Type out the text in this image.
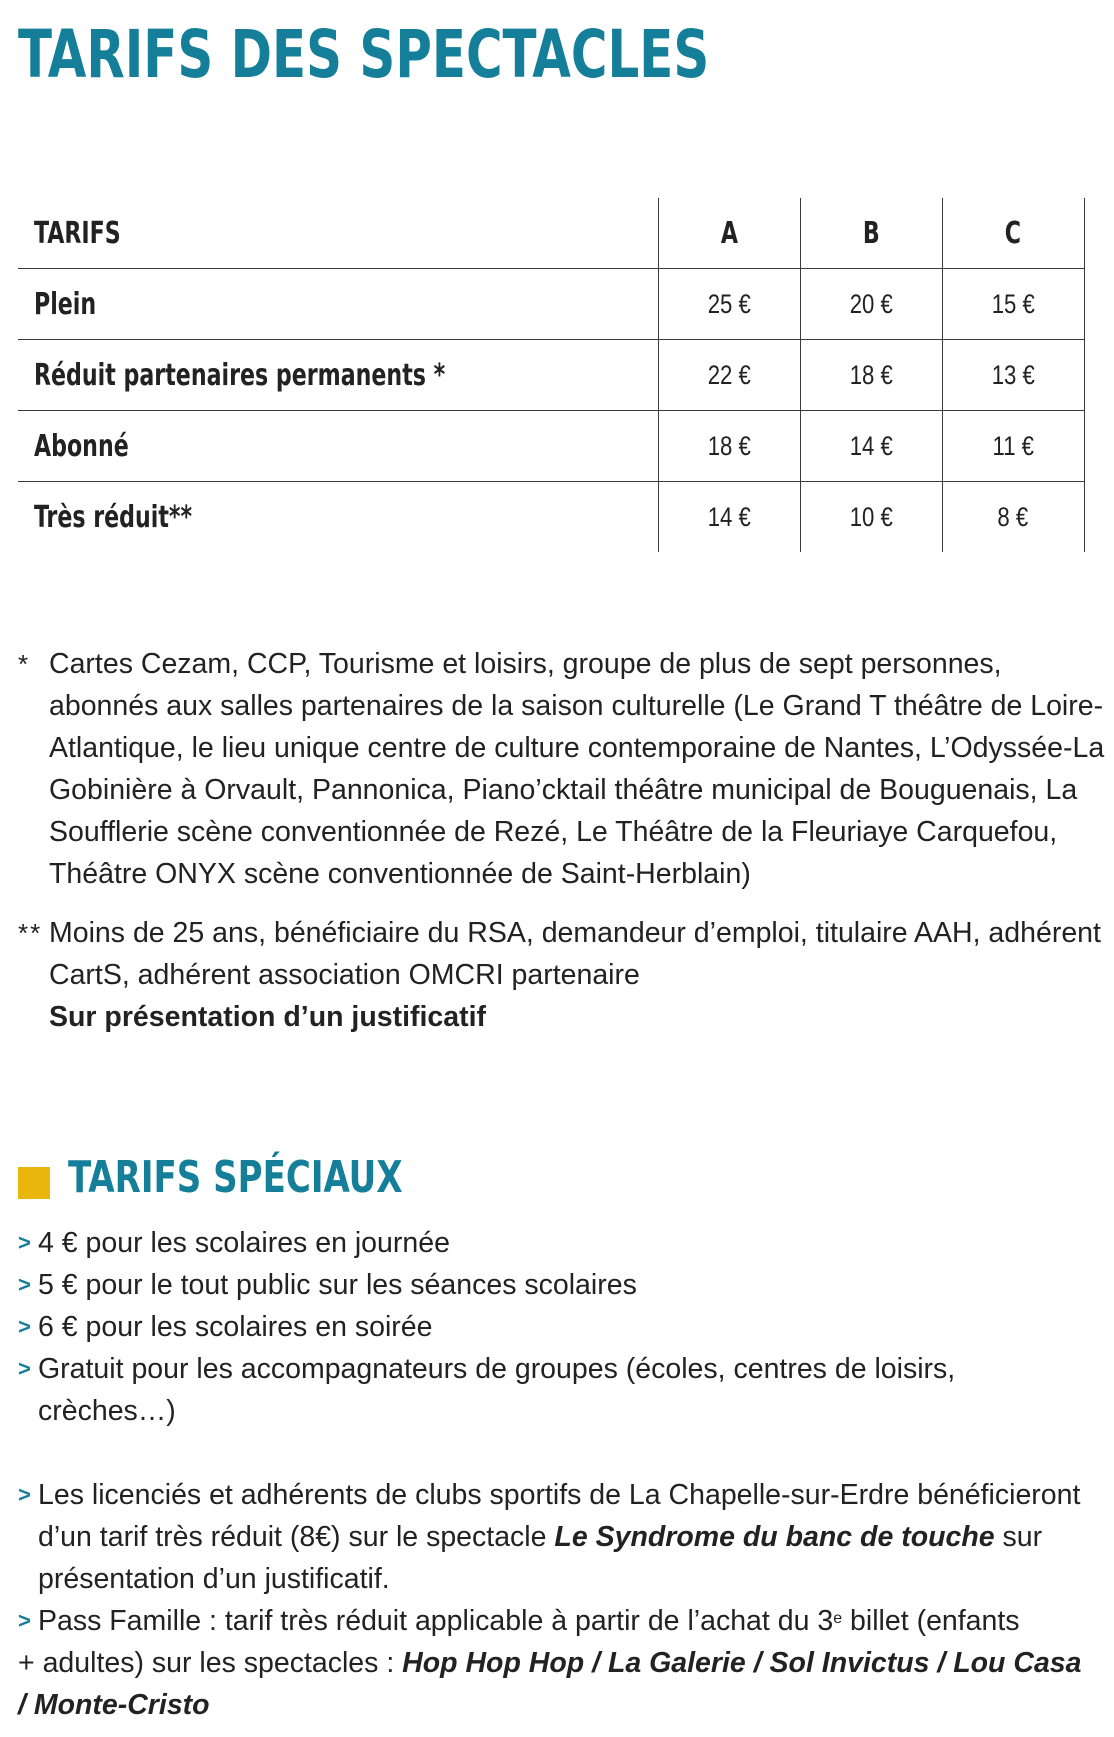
TARIFS DES SPECTACLES
TARIFS	A	B	C
Plein	25 €	20 €	15 €
Réduit partenaires permanents *	22 €	18 €	13 €
Abonné	18 €	14 €	11 €
Très réduit**	14 €	10 €	8 €
* Cartes Cezam, CCP, Tourisme et loisirs, groupe de plus de sept personnes, abonnés aux salles partenaires de la saison culturelle (Le Grand T théâtre de Loire-Atlantique, le lieu unique centre de culture contemporaine de Nantes, L’Odyssée-La Gobinière à Orvault, Pannonica, Piano’cktail théâtre municipal de Bouguenais, La Soufflerie scène conventionnée de Rezé, Le Théâtre de la Fleuriaye Carquefou, Théâtre ONYX scène conventionnée de Saint-Herblain)
** Moins de 25 ans, bénéficiaire du RSA, demandeur d’emploi, titulaire AAH, adhérent CartS, adhérent association OMCRI partenaire
Sur présentation d’un justificatif
TARIFS SPÉCIAUX
> 4 € pour les scolaires en journée
> 5 € pour le tout public sur les séances scolaires
> 6 € pour les scolaires en soirée
> Gratuit pour les accompagnateurs de groupes (écoles, centres de loisirs, crèches…)
> Les licenciés et adhérents de clubs sportifs de La Chapelle-sur-Erdre bénéficieront d’un tarif très réduit (8€) sur le spectacle Le Syndrome du banc de touche sur présentation d’un justificatif.
> Pass Famille : tarif très réduit applicable à partir de l’achat du 3e billet (enfants
+ adultes) sur les spectacles : Hop Hop Hop / La Galerie / Sol Invictus / Lou Casa / Monte-Cristo
